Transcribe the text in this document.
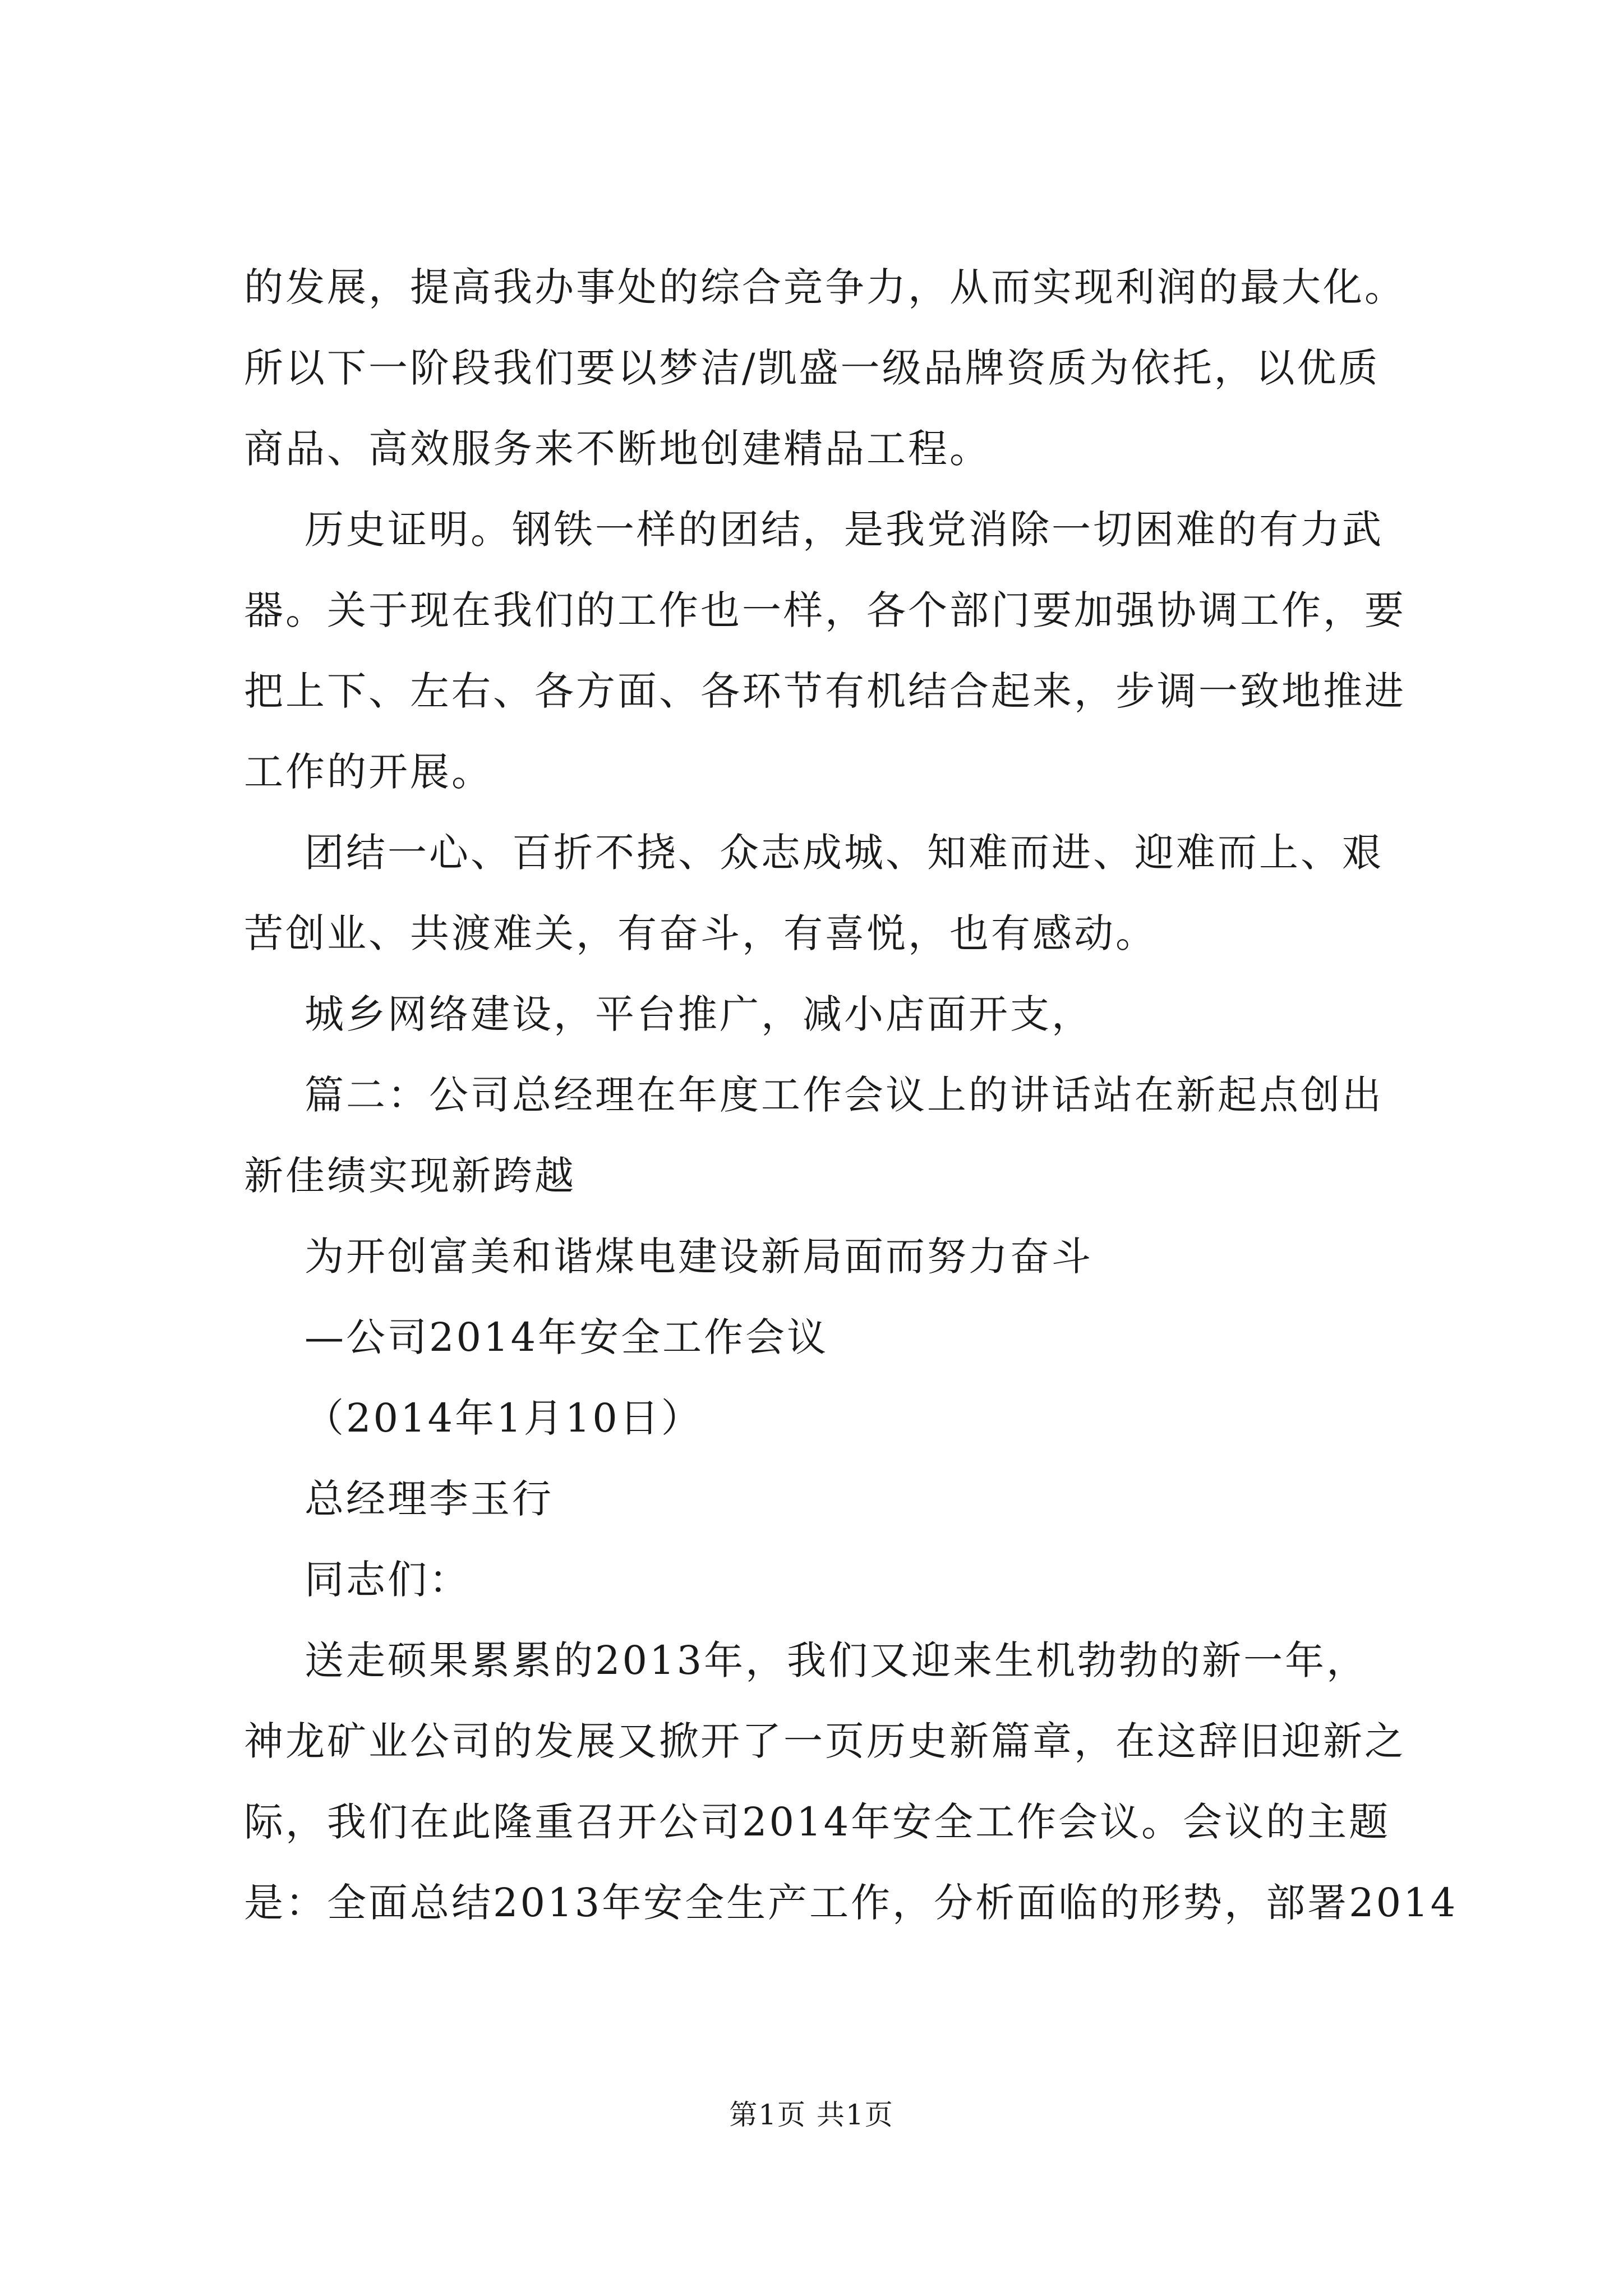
的发展，提高我办事处的综合竞争力，从而实现利润的最大化。
所以下一阶段我们要以梦洁/凯盛一级品牌资质为依托，以优质
商品、高效服务来不断地创建精品工程。
历史证明。钢铁一样的团结，是我党消除一切困难的有力武
器。关于现在我们的工作也一样，各个部门要加强协调工作，要
把上下、左右、各方面、各环节有机结合起来，步调一致地推进
工作的开展。
团结一心、百折不挠、众志成城、知难而进、迎难而上、艰
苦创业、共渡难关，有奋斗，有喜悦，也有感动。
城乡网络建设，平台推广，减小店面开支，
篇二：公司总经理在年度工作会议上的讲话站在新起点创出
新佳绩实现新跨越
为开创富美和谐煤电建设新局面而努力奋斗
—公司2014年安全工作会议
（2014年1月10日）
总经理李玉行
同志们：
送走硕果累累的2013年，我们又迎来生机勃勃的新一年，
神龙矿业公司的发展又掀开了一页历史新篇章，在这辞旧迎新之
际，我们在此隆重召开公司2014年安全工作会议。会议的主题
是：全面总结2013年安全生产工作，分析面临的形势，部署2014
第1页 共1页
